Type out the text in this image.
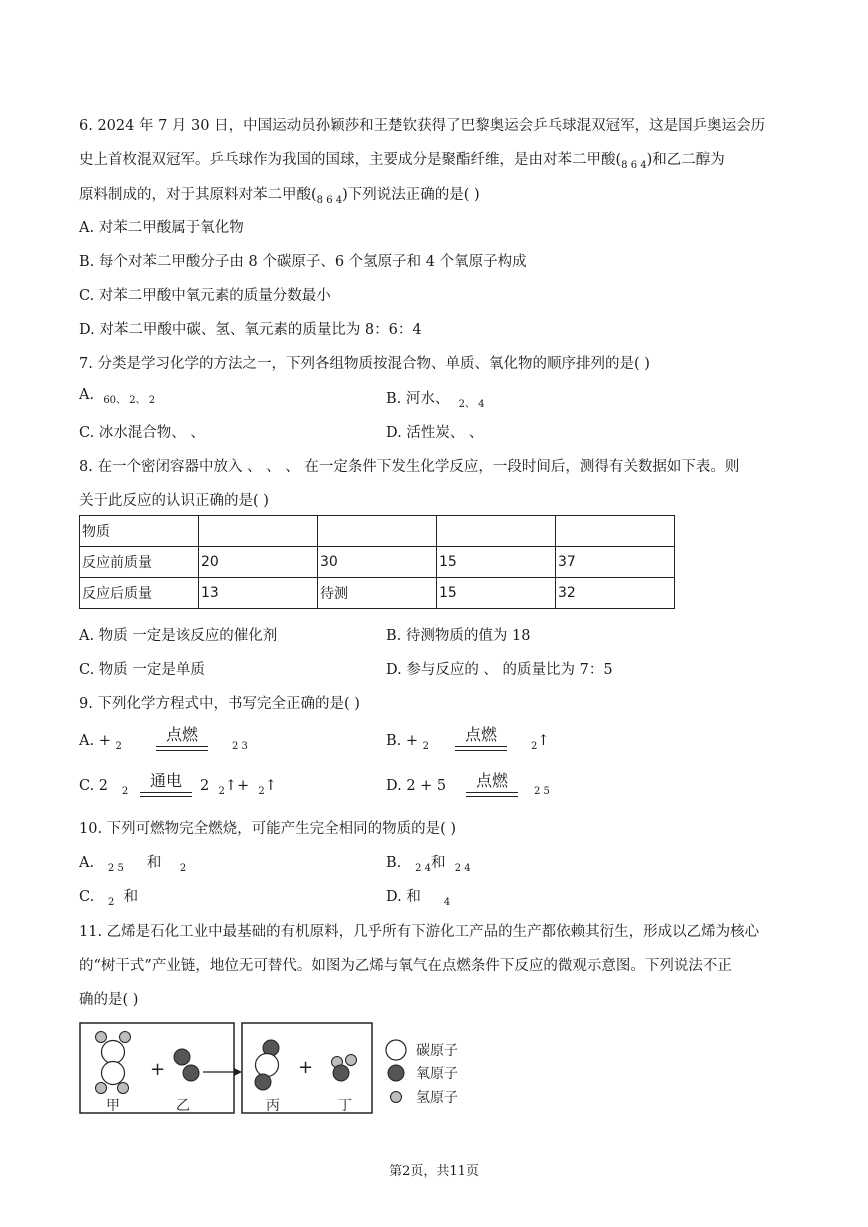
6. 2024 年 7 月 30 日，中国运动员孙颖莎和王楚钦获得了巴黎奥运会乒乓球混双冠军，这是国乒奥运会历
史上首枚混双冠军。乒乓球作为我国的国球，主要成分是聚酯纤维，是由对苯二甲酸$(_{8 6 4})$和乙二醇为
原料制成的，对于其原料对苯二甲酸$(_{8 6 4})$下列说法正确的是( )
A. 对苯二甲酸属于氧化物
B. 每个对苯二甲酸分子由 8 个碳原子、6 个氢原子和 4 个氧原子构成
C. 对苯二甲酸中氧元素的质量分数最小
D. 对苯二甲酸中碳、氢、氧元素的质量比为 8：6：4
7. 分类是学习化学的方法之一，下列各组物质按混合物、单质、氧化物的顺序排列的是( )
A. $_{60、 2、 2}$	B. 河水、 $_{2、 4}$
C. 冰水混合物、 、	D. 活性炭、 、
8. 在一个密闭容器中放入 、 、 、 在一定条件下发生化学反应，一段时间后，测得有关数据如下表。则
关于此反应的认识正确的是( )
物质				
反应前质量	20	30	15	37
反应后质量	13	待测	15	32
A. 物质 一定是该反应的催化剂	B. 待测物质的值为 18
C. 物质 一定是单质	D. 参与反应的 、 的质量比为 7：5
9. 下列化学方程式中，书写完全正确的是( )
A. + $_2$
点燃
$_{2 3}$	B. + $_2$
点燃
$_2$↑
C. 2 $_2$
通电	2 $_2$↑+ $_2$↑	D. 2 + 5	点燃
$_{2 5}$
10. 下列可燃物完全燃烧，可能产生完全相同的物质的是( )
A. $_{2 5}$ 和 $_2$	B. $_{2 4}$和 $_{2 4}$
C. $_2$ 和	D. 和 $_4$
11. 乙烯是石化工业中最基础的有机原料，几乎所有下游化工产品的生产都依赖其衍生，形成以乙烯为核心
的“树干式”产业链，地位无可替代。如图为乙烯与氧气在点燃条件下反应的微观示意图。下列说法不正
确的是( )
+
甲	乙
+
丙	丁
碳原子
氧原子
氢原子
第2页，共11页
